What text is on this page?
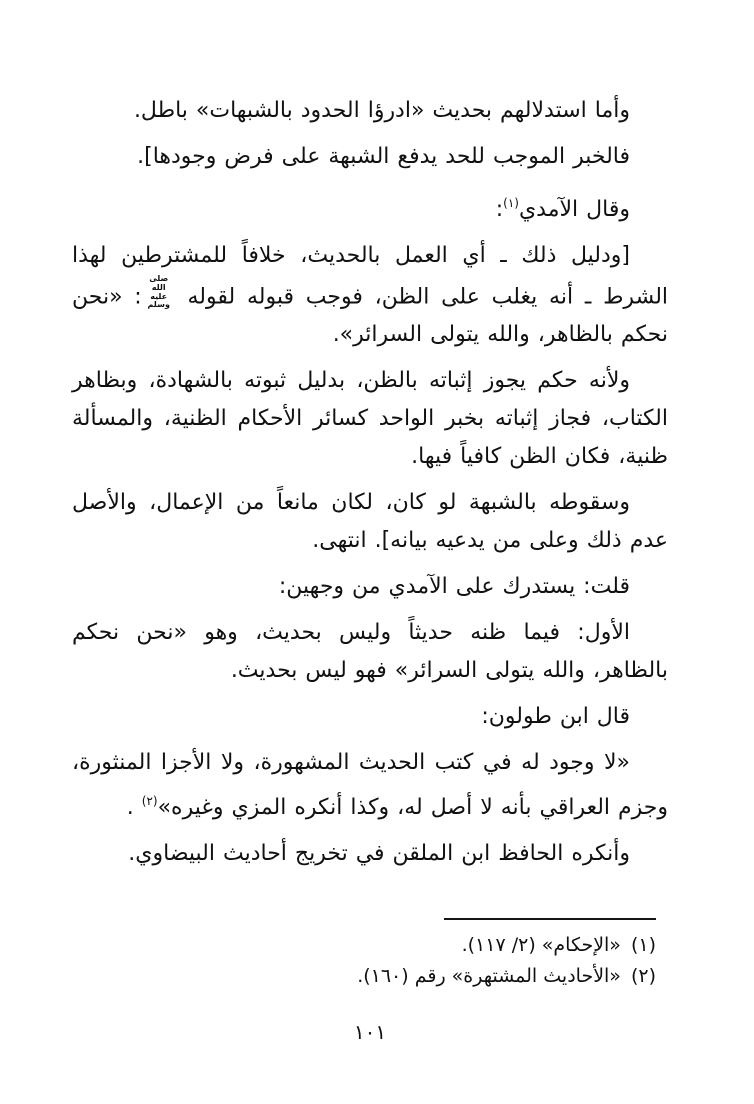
وأما استدلالهم بحديث «ادرؤا الحدود بالشبهات» باطل.

فالخبر الموجب للحد يدفع الشبهة على فرض وجودها].

وقال الآمدي$^{(١)}$:

[ودليل ذلك ـ أي العمل بالحديث، خلافاً للمشترطين لهذا الشرط ـ أنه يغلب على الظن، فوجب قبوله لقوله صلى الله عليه وسلم: «نحن نحكم بالظاهر، والله يتولى السرائر».

ولأنه حكم يجوز إثباته بالظن، بدليل ثبوته بالشهادة، وبظاهر الكتاب، فجاز إثباته بخبر الواحد كسائر الأحكام الظنية، والمسألة ظنية، فكان الظن كافياً فيها.

وسقوطه بالشبهة لو كان، لكان مانعاً من الإعمال، والأصل عدم ذلك وعلى من يدعيه بيانه]. انتهى.

قلت: يستدرك على الآمدي من وجهين:

الأول: فيما ظنه حديثاً وليس بحديث، وهو «نحن نحكم بالظاهر، والله يتولى السرائر» فهو ليس بحديث.

قال ابن طولون:

«لا وجود له في كتب الحديث المشهورة، ولا الأجزا المنثورة، وجزم العراقي بأنه لا أصل له، وكذا أنكره المزي وغيره»$^{(٢)}$ .

وأنكره الحافظ ابن الملقن في تخريج أحاديث البيضاوي.

(١)«الإحكام» (٢/ ١١٧).
(٢)«الأحاديث المشتهرة» رقم (١٦٠).
١٠١
